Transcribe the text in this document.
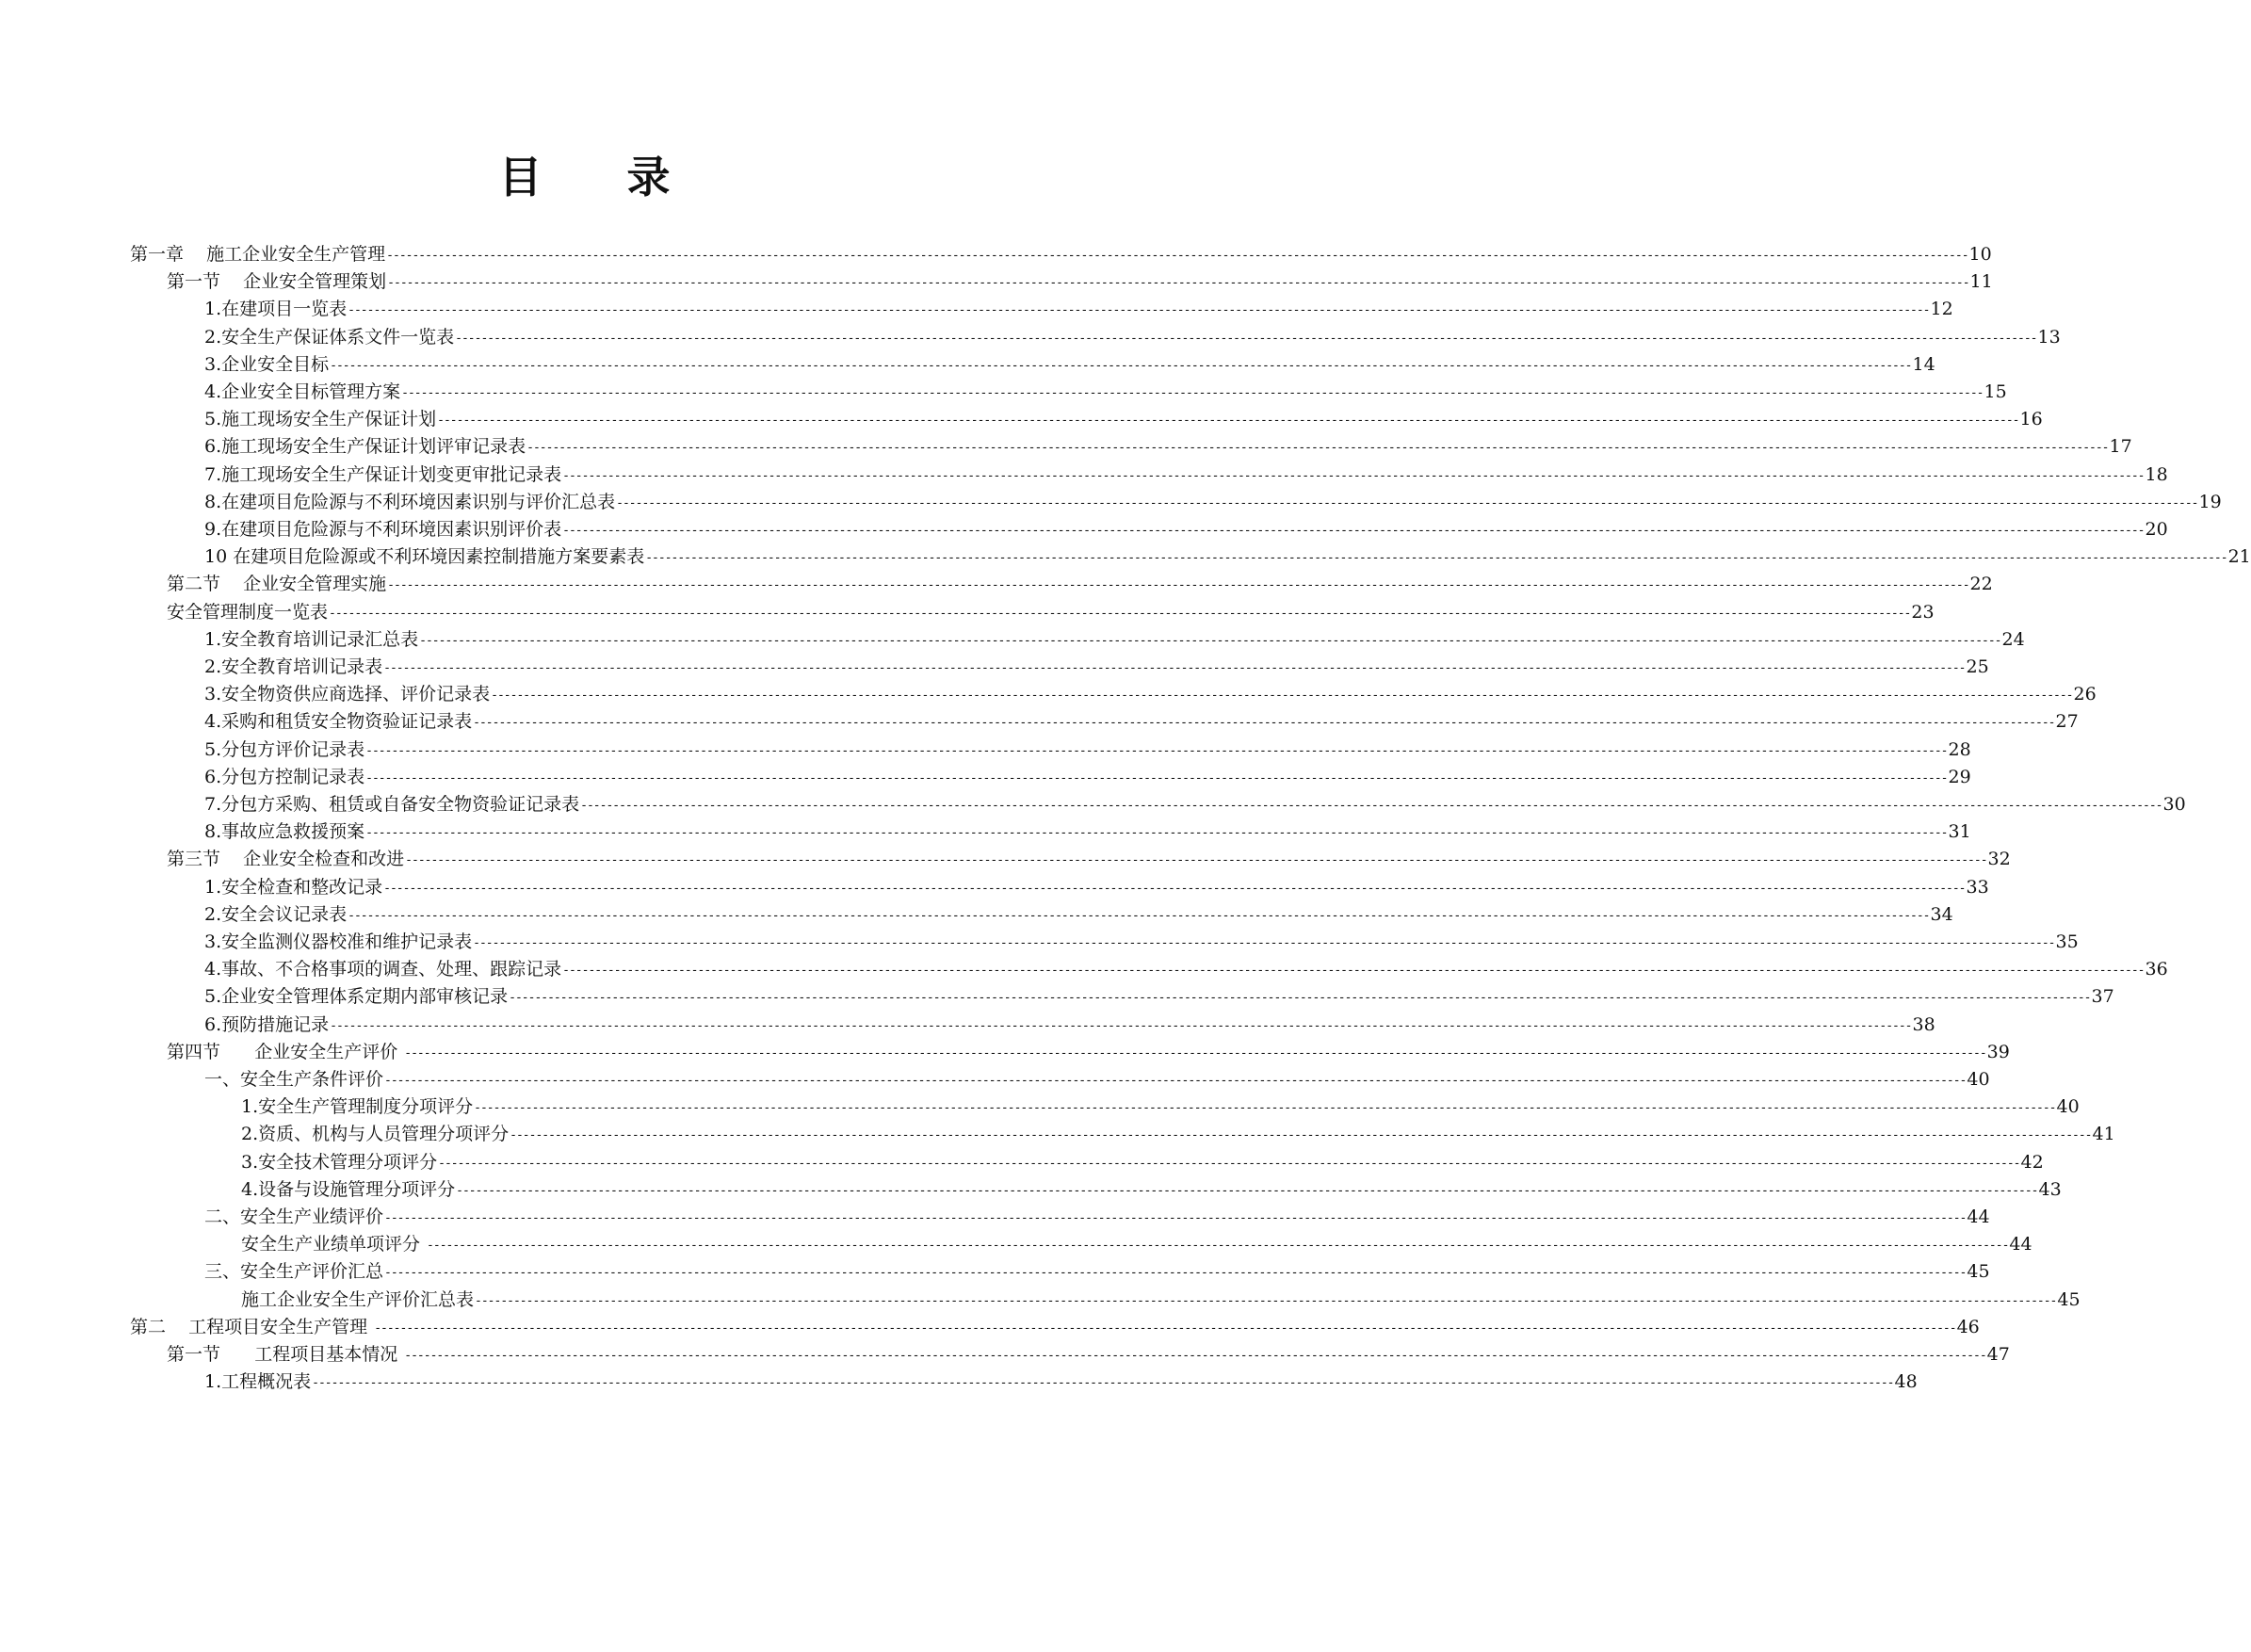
目 录
第一章    施工企业安全生产管理 ------------------------------------------------------------------------------------------------------------------------------------------------------------------------------------------------------------------------------------------------------ 10
第一节    企业安全管理策划 ------------------------------------------------------------------------------------------------------------------------------------------------------------------------------------------------------------------------------------------------------ 11
1.在建项目一览表 ------------------------------------------------------------------------------------------------------------------------------------------------------------------------------------------------------------------------------------------------------ 12
2.安全生产保证体系文件一览表 ------------------------------------------------------------------------------------------------------------------------------------------------------------------------------------------------------------------------------------------------------ 13
3.企业安全目标 ------------------------------------------------------------------------------------------------------------------------------------------------------------------------------------------------------------------------------------------------------ 14
4.企业安全目标管理方案 ------------------------------------------------------------------------------------------------------------------------------------------------------------------------------------------------------------------------------------------------------ 15
5.施工现场安全生产保证计划 ------------------------------------------------------------------------------------------------------------------------------------------------------------------------------------------------------------------------------------------------------ 16
6.施工现场安全生产保证计划评审记录表 ------------------------------------------------------------------------------------------------------------------------------------------------------------------------------------------------------------------------------------------------------ 17
7.施工现场安全生产保证计划变更审批记录表 ------------------------------------------------------------------------------------------------------------------------------------------------------------------------------------------------------------------------------------------------------ 18
8.在建项目危险源与不利环境因素识别与评价汇总表 ------------------------------------------------------------------------------------------------------------------------------------------------------------------------------------------------------------------------------------------------------ 19
9.在建项目危险源与不利环境因素识别评价表 ------------------------------------------------------------------------------------------------------------------------------------------------------------------------------------------------------------------------------------------------------ 20
10 在建项目危险源或不利环境因素控制措施方案要素表 ------------------------------------------------------------------------------------------------------------------------------------------------------------------------------------------------------------------------------------------------------ 21
第二节    企业安全管理实施 ------------------------------------------------------------------------------------------------------------------------------------------------------------------------------------------------------------------------------------------------------ 22
安全管理制度一览表 ------------------------------------------------------------------------------------------------------------------------------------------------------------------------------------------------------------------------------------------------------ 23
1.安全教育培训记录汇总表 ------------------------------------------------------------------------------------------------------------------------------------------------------------------------------------------------------------------------------------------------------ 24
2.安全教育培训记录表 ------------------------------------------------------------------------------------------------------------------------------------------------------------------------------------------------------------------------------------------------------ 25
3.安全物资供应商选择、评价记录表 ------------------------------------------------------------------------------------------------------------------------------------------------------------------------------------------------------------------------------------------------------ 26
4.采购和租赁安全物资验证记录表 ------------------------------------------------------------------------------------------------------------------------------------------------------------------------------------------------------------------------------------------------------ 27
5.分包方评价记录表 ------------------------------------------------------------------------------------------------------------------------------------------------------------------------------------------------------------------------------------------------------ 28
6.分包方控制记录表 ------------------------------------------------------------------------------------------------------------------------------------------------------------------------------------------------------------------------------------------------------ 29
7.分包方采购、租赁或自备安全物资验证记录表 ------------------------------------------------------------------------------------------------------------------------------------------------------------------------------------------------------------------------------------------------------ 30
8.事故应急救援预案 ------------------------------------------------------------------------------------------------------------------------------------------------------------------------------------------------------------------------------------------------------ 31
第三节    企业安全检查和改进 ------------------------------------------------------------------------------------------------------------------------------------------------------------------------------------------------------------------------------------------------------ 32
1.安全检查和整改记录 ------------------------------------------------------------------------------------------------------------------------------------------------------------------------------------------------------------------------------------------------------ 33
2.安全会议记录表 ------------------------------------------------------------------------------------------------------------------------------------------------------------------------------------------------------------------------------------------------------ 34
3.安全监测仪器校准和维护记录表 ------------------------------------------------------------------------------------------------------------------------------------------------------------------------------------------------------------------------------------------------------ 35
4.事故、不合格事项的调查、处理、跟踪记录 ------------------------------------------------------------------------------------------------------------------------------------------------------------------------------------------------------------------------------------------------------ 36
5.企业安全管理体系定期内部审核记录 ------------------------------------------------------------------------------------------------------------------------------------------------------------------------------------------------------------------------------------------------------ 37
6.预防措施记录 ------------------------------------------------------------------------------------------------------------------------------------------------------------------------------------------------------------------------------------------------------ 38
第四节      企业安全生产评价 ------------------------------------------------------------------------------------------------------------------------------------------------------------------------------------------------------------------------------------------------------ 39
一、安全生产条件评价 ------------------------------------------------------------------------------------------------------------------------------------------------------------------------------------------------------------------------------------------------------ 40
1.安全生产管理制度分项评分 ------------------------------------------------------------------------------------------------------------------------------------------------------------------------------------------------------------------------------------------------------ 40
2.资质、机构与人员管理分项评分 ------------------------------------------------------------------------------------------------------------------------------------------------------------------------------------------------------------------------------------------------------ 41
3.安全技术管理分项评分 ------------------------------------------------------------------------------------------------------------------------------------------------------------------------------------------------------------------------------------------------------ 42
4.设备与设施管理分项评分 ------------------------------------------------------------------------------------------------------------------------------------------------------------------------------------------------------------------------------------------------------ 43
二、安全生产业绩评价 ------------------------------------------------------------------------------------------------------------------------------------------------------------------------------------------------------------------------------------------------------ 44
安全生产业绩单项评分 ------------------------------------------------------------------------------------------------------------------------------------------------------------------------------------------------------------------------------------------------------ 44
三、安全生产评价汇总 ------------------------------------------------------------------------------------------------------------------------------------------------------------------------------------------------------------------------------------------------------ 45
施工企业安全生产评价汇总表 ------------------------------------------------------------------------------------------------------------------------------------------------------------------------------------------------------------------------------------------------------ 45
第二    工程项目安全生产管理 ------------------------------------------------------------------------------------------------------------------------------------------------------------------------------------------------------------------------------------------------------ 46
第一节      工程项目基本情况 ------------------------------------------------------------------------------------------------------------------------------------------------------------------------------------------------------------------------------------------------------ 47
1.工程概况表 ------------------------------------------------------------------------------------------------------------------------------------------------------------------------------------------------------------------------------------------------------ 48
